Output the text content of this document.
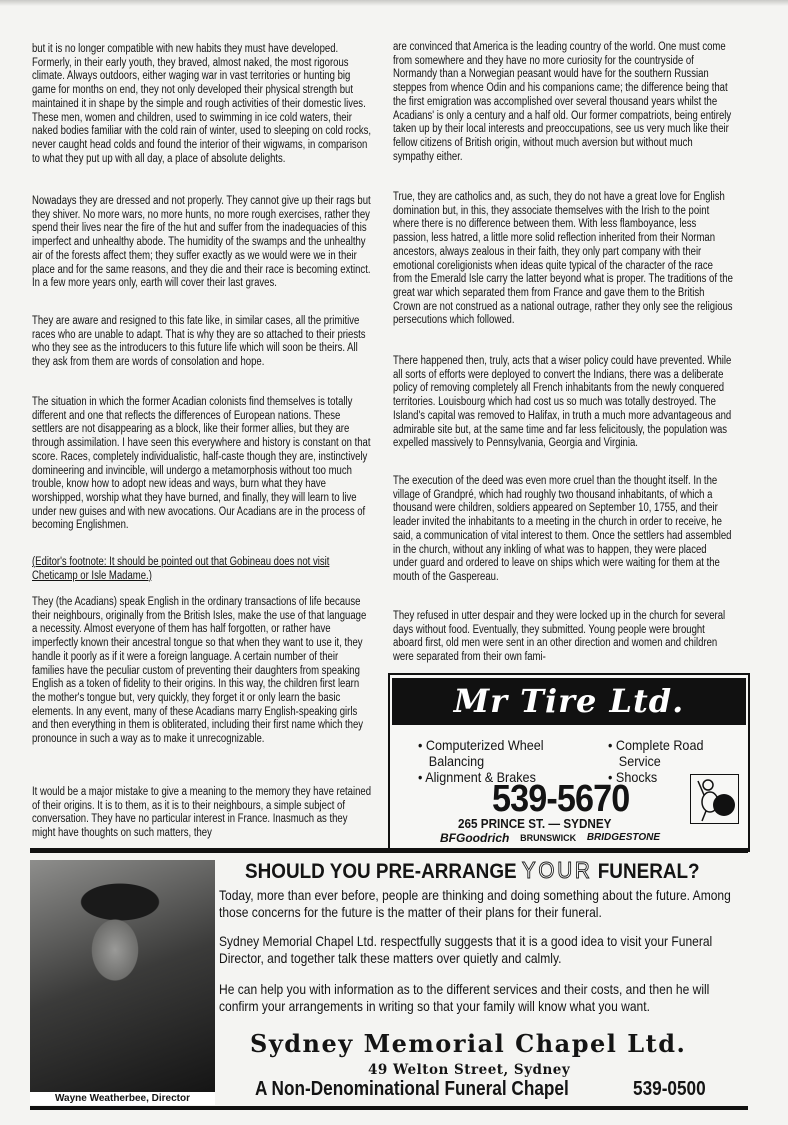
but it is no longer compatible with new habits they must have developed. Formerly, in their early youth, they braved, almost naked, the most rigorous climate. Always outdoors, either waging war in vast territories or hunting big game for months on end, they not only developed their physical strength but maintained it in shape by the simple and rough activities of their domestic lives. These men, women and children, used to swimming in ice cold waters, their naked bodies familiar with the cold rain of winter, used to sleeping on cold rocks, never caught head colds and found the interior of their wigwams, in comparison to what they put up with all day, a place of absolute delights.

Nowadays they are dressed and not properly. They cannot give up their rags but they shiver. No more wars, no more hunts, no more rough exercises, rather they spend their lives near the fire of the hut and suffer from the inadequacies of this imperfect and unhealthy abode. The humidity of the swamps and the unhealthy air of the forests affect them; they suffer exactly as we would were we in their place and for the same reasons, and they die and their race is becoming extinct. In a few more years only, earth will cover their last graves.

They are aware and resigned to this fate like, in similar cases, all the primitive races who are unable to adapt. That is why they are so attached to their priests who they see as the introducers to this future life which will soon be theirs. All they ask from them are words of consolation and hope.

The situation in which the former Acadian colonists find themselves is totally different and one that reflects the differences of European nations. These settlers are not disappearing as a block, like their former allies, but they are through assimilation. I have seen this everywhere and history is constant on that score. Races, completely individualistic, half-caste though they are, instinctively domineering and invincible, will undergo a metamorphosis without too much trouble, know how to adopt new ideas and ways, burn what they have worshipped, worship what they have burned, and finally, they will learn to live under new guises and with new avocations. Our Acadians are in the process of becoming Englishmen.

(Editor's footnote: It should be pointed out that Gobineau does not visit Cheticamp or Isle Madame.)

They (the Acadians) speak English in the ordinary transactions of life because their neighbours, originally from the British Isles, make the use of that language a necessity. Almost everyone of them has half forgotten, or rather have imperfectly known their ancestral tongue so that when they want to use it, they handle it poorly as if it were a foreign language. A certain number of their families have the peculiar custom of preventing their daughters from speaking English as a token of fidelity to their origins. In this way, the children first learn the mother's tongue but, very quickly, they forget it or only learn the basic elements. In any event, many of these Acadians marry English-speaking girls and then everything in them is obliterated, including their first name which they pronounce in such a way as to make it unrecognizable.

It would be a major mistake to give a meaning to the memory they have retained of their origins. It is to them, as it is to their neighbours, a simple subject of conversation. They have no particular interest in France. Inasmuch as they might have thoughts on such matters, they

are convinced that America is the leading country of the world. One must come from somewhere and they have no more curiosity for the countryside of Normandy than a Norwegian peasant would have for the southern Russian steppes from whence Odin and his companions came; the difference being that the first emigration was accomplished over several thousand years whilst the Acadians' is only a century and a half old. Our former compatriots, being entirely taken up by their local interests and preoccupations, see us very much like their fellow citizens of British origin, without much aversion but without much sympathy either.

True, they are catholics and, as such, they do not have a great love for English domination but, in this, they associate themselves with the Irish to the point where there is no difference between them. With less flamboyance, less passion, less hatred, a little more solid reflection inherited from their Norman ancestors, always zealous in their faith, they only part company with their emotional coreligionists when ideas quite typical of the character of the race from the Emerald Isle carry the latter beyond what is proper. The traditions of the great war which separated them from France and gave them to the British Crown are not construed as a national outrage, rather they only see the religious persecutions which followed.

There happened then, truly, acts that a wiser policy could have prevented. While all sorts of efforts were deployed to convert the Indians, there was a deliberate policy of removing completely all French inhabitants from the newly conquered territories. Louisbourg which had cost us so much was totally destroyed. The Island's capital was removed to Halifax, in truth a much more advantageous and admirable site but, at the same time and far less felicitously, the population was expelled massively to Pennsylvania, Georgia and Virginia.

The execution of the deed was even more cruel than the thought itself. In the village of Grandpré, which had roughly two thousand inhabitants, of which a thousand were children, soldiers appeared on September 10, 1755, and their leader invited the inhabitants to a meeting in the church in order to receive, he said, a communication of vital interest to them. Once the settlers had assembled in the church, without any inkling of what was to happen, they were placed under guard and ordered to leave on ships which were waiting for them at the mouth of the Gaspereau.

They refused in utter despair and they were locked up in the church for several days without food. Eventually, they submitted. Young people were brought aboard first, old men were sent in an other direction and women and children were separated from their own fami-

Mr Tire Ltd.
• Computerized Wheel
Balancing
• Alignment & Brakes
• Complete Road
Service
• Shocks
539-5670
265 PRINCE ST. — SYDNEY
BFGoodrich BRUNSWICK BRIDGESTONE
Wayne Weatherbee, Director
SHOULD YOU PRE-ARRANGE YOUR FUNERAL?

Today, more than ever before, people are thinking and doing something about the future. Among those concerns for the future is the matter of their plans for their funeral.

Sydney Memorial Chapel Ltd. respectfully suggests that it is a good idea to visit your Funeral Director, and together talk these matters over quietly and calmly.

He can help you with information as to the different services and their costs, and then he will confirm your arrangements in writing so that your family will know what you want.

Sydney Memorial Chapel Ltd.
49 Welton Street, Sydney
A Non-Denominational Funeral Chapel	539-0500
